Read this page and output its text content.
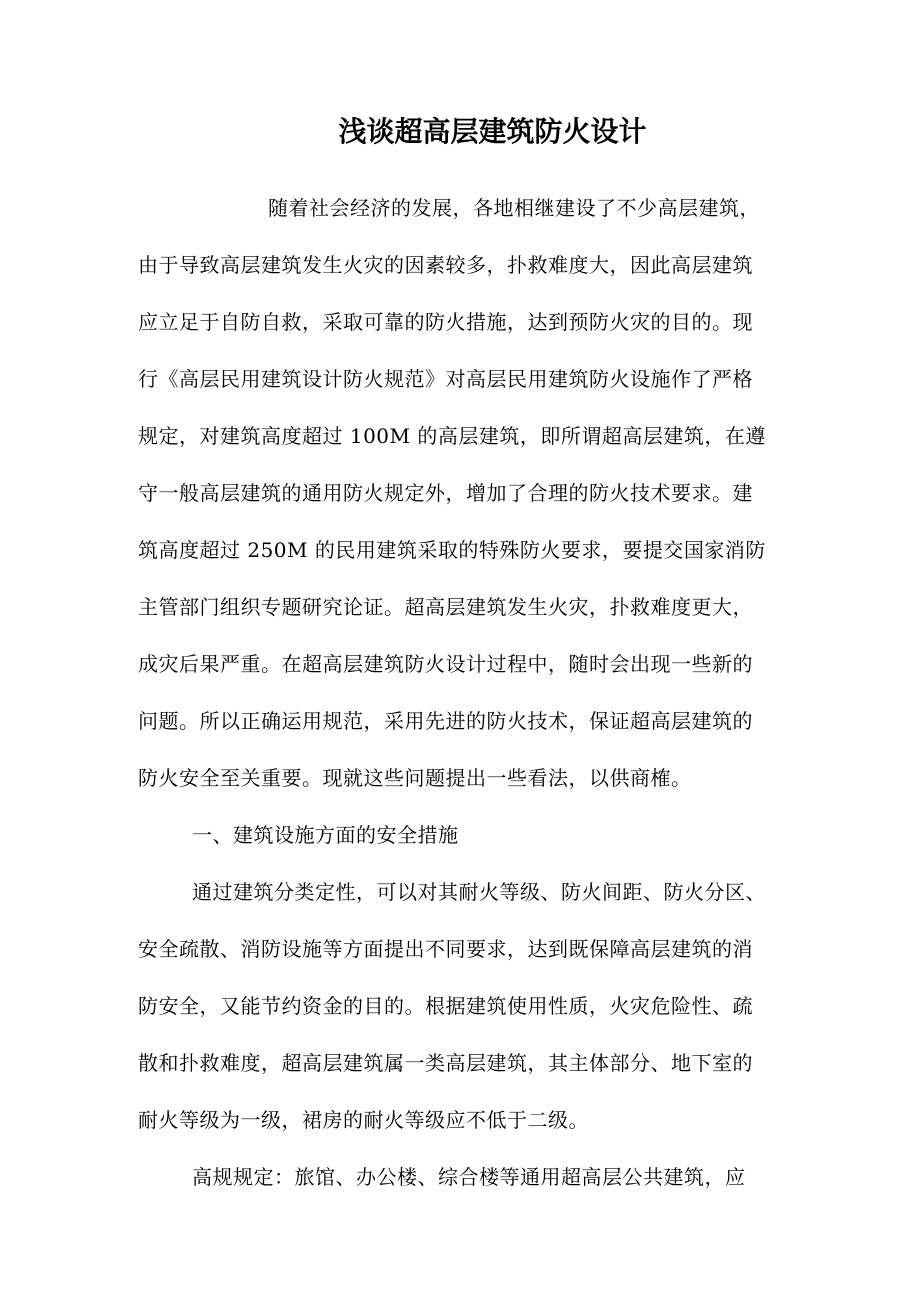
浅谈超高层建筑防火设计
随着社会经济的发展，各地相继建设了不少高层建筑，
由于导致高层建筑发生火灾的因素较多，扑救难度大，因此高层建筑
应立足于自防自救，采取可靠的防火措施，达到预防火灾的目的。现
行《高层民用建筑设计防火规范》对高层民用建筑防火设施作了严格
规定，对建筑高度超过 100M 的高层建筑，即所谓超高层建筑，在遵
守一般高层建筑的通用防火规定外，增加了合理的防火技术要求。建
筑高度超过 250M 的民用建筑采取的特殊防火要求，要提交国家消防
主管部门组织专题研究论证。超高层建筑发生火灾，扑救难度更大，
成灾后果严重。在超高层建筑防火设计过程中，随时会出现一些新的
问题。所以正确运用规范，采用先进的防火技术，保证超高层建筑的
防火安全至关重要。现就这些问题提出一些看法，以供商榷。
一、建筑设施方面的安全措施
通过建筑分类定性，可以对其耐火等级、防火间距、防火分区、
安全疏散、消防设施等方面提出不同要求，达到既保障高层建筑的消
防安全，又能节约资金的目的。根据建筑使用性质，火灾危险性、疏
散和扑救难度，超高层建筑属一类高层建筑，其主体部分、地下室的
耐火等级为一级，裙房的耐火等级应不低于二级。
高规规定：旅馆、办公楼、综合楼等通用超高层公共建筑，应
